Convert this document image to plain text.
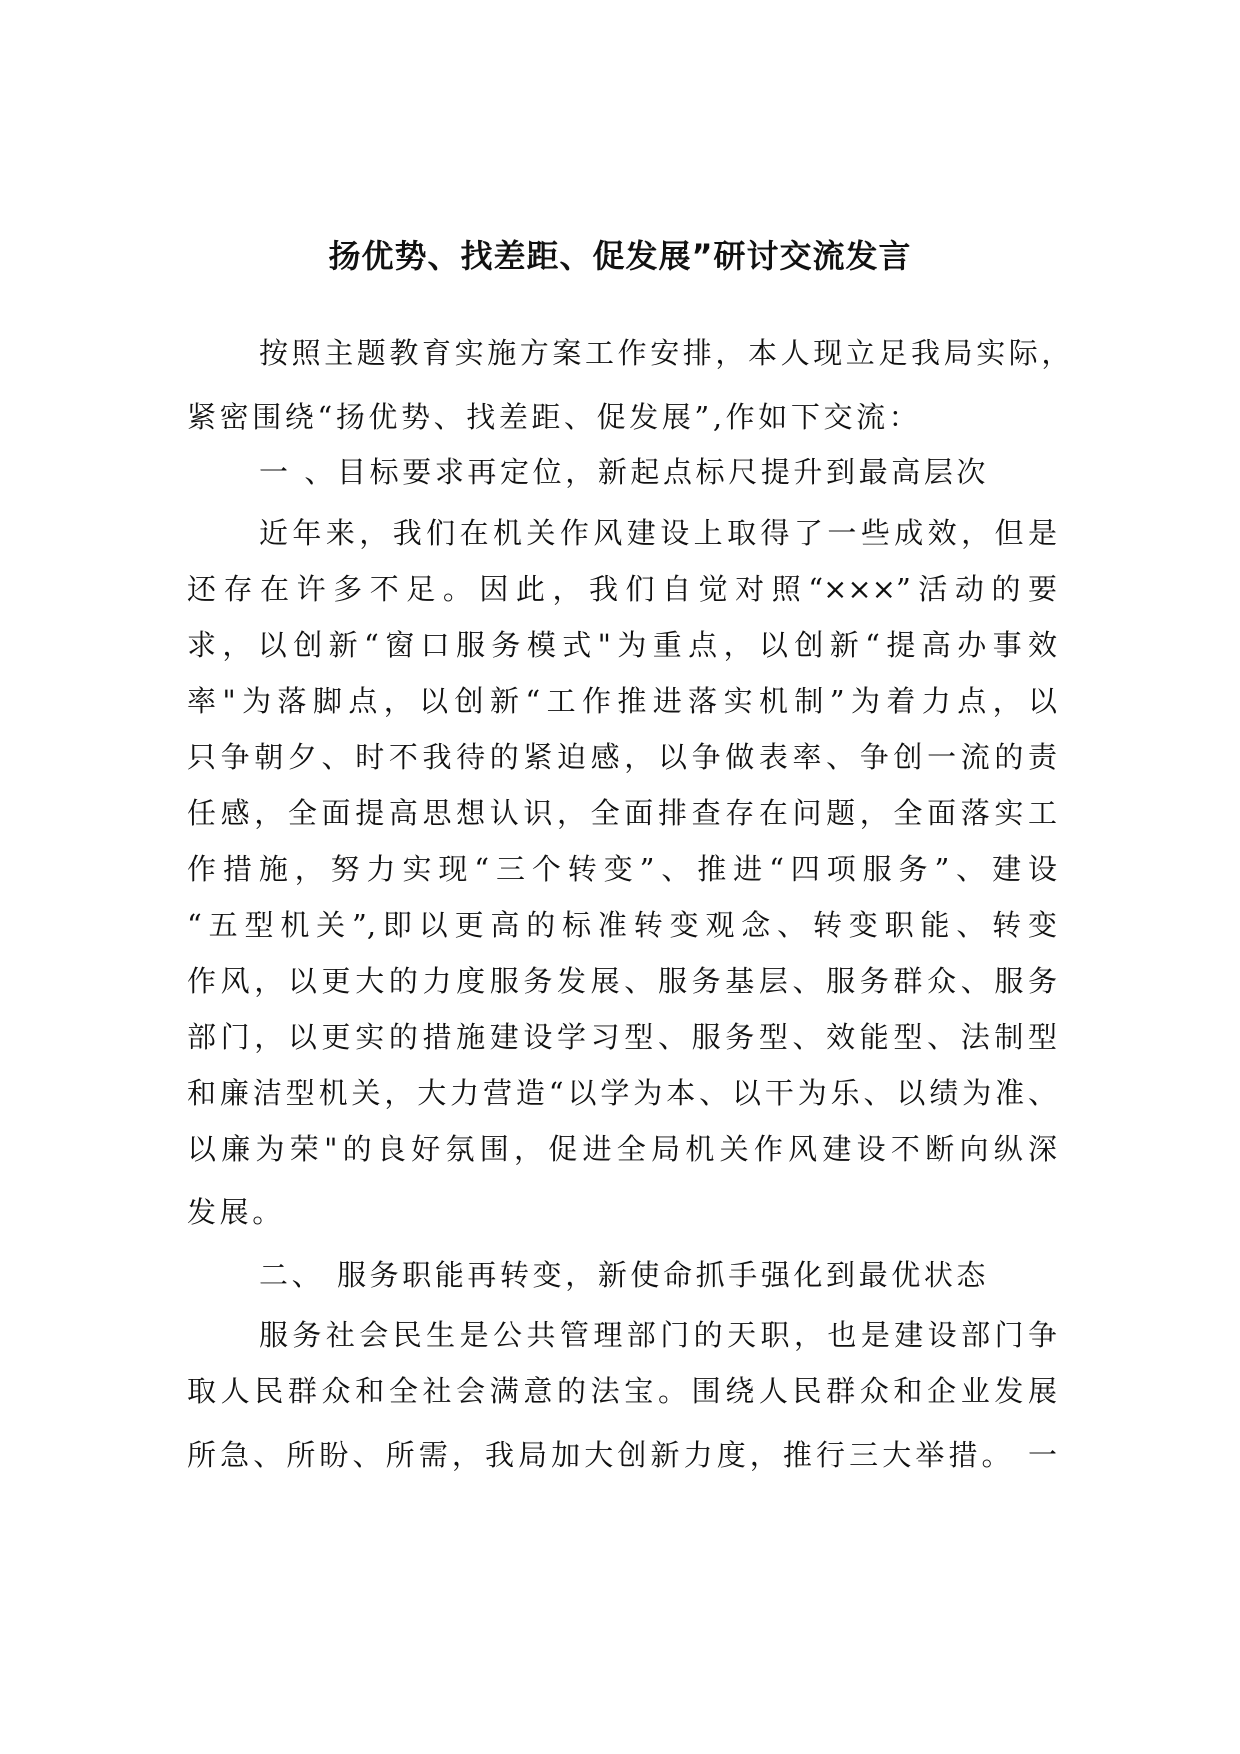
扬优势、找差距、促发展”研讨交流发言
按照主题教育实施方案工作安排，本人现立足我局实际，
紧密围绕“扬优势、找差距、促发展”,作如下交流：
一 、目标要求再定位，新起点标尺提升到最高层次
近年来，我们在机关作风建设上取得了一些成效，但是
还存在许多不足。因此，我们自觉对照“×××”活动的要
求，以创新“窗口服务模式"为重点，以创新“提高办事效
率"为落脚点，以创新“工作推进落实机制”为着力点，以
只争朝夕、时不我待的紧迫感，以争做表率、争创一流的责
任感，全面提高思想认识，全面排查存在问题，全面落实工
作措施，努力实现“三个转变”、推进“四项服务”、建设
“五型机关”,即以更高的标准转变观念、转变职能、转变
作风，以更大的力度服务发展、服务基层、服务群众、服务
部门，以更实的措施建设学习型、服务型、效能型、法制型
和廉洁型机关，大力营造“以学为本、以干为乐、以绩为准、
以廉为荣"的良好氛围，促进全局机关作风建设不断向纵深
发展。
二、 服务职能再转变，新使命抓手强化到最优状态
服务社会民生是公共管理部门的天职，也是建设部门争
取人民群众和全社会满意的法宝。围绕人民群众和企业发展
所急、所盼、所需，我局加大创新力度，推行三大举措。 一
